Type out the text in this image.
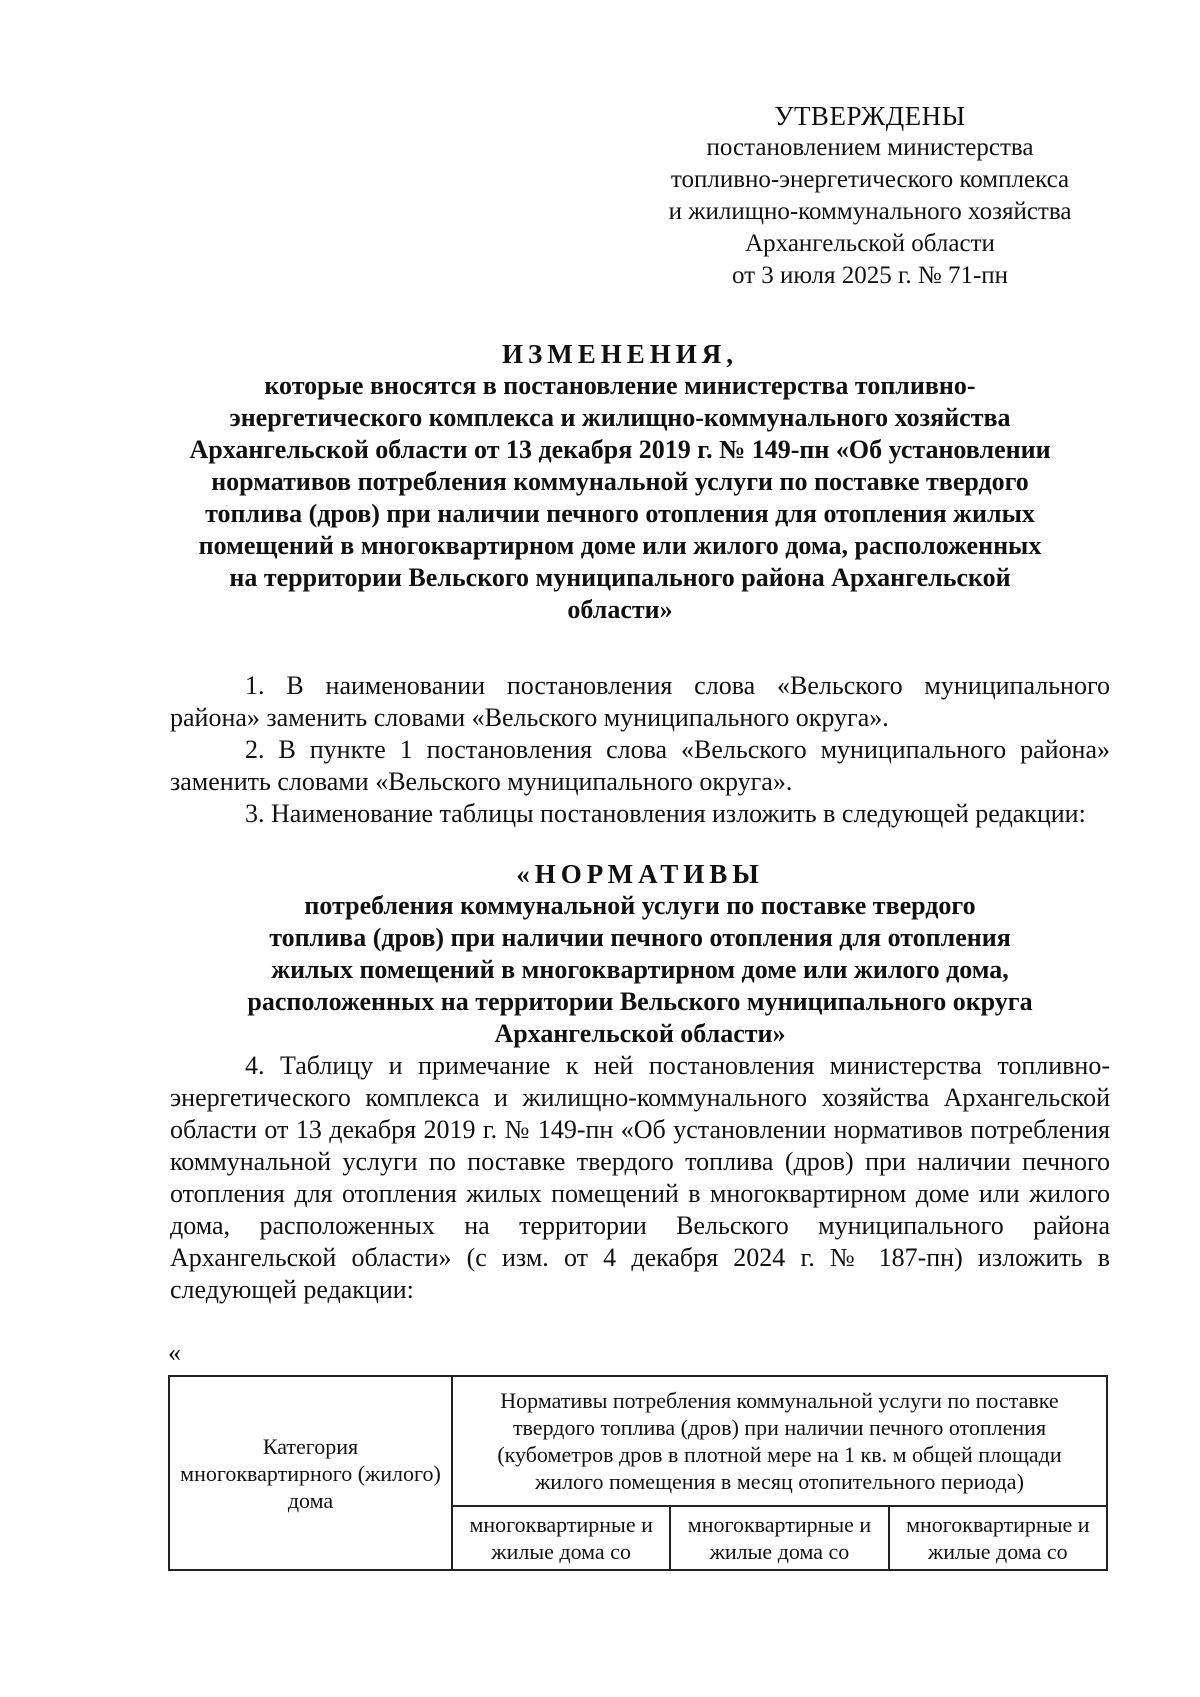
УТВЕРЖДЕНЫ
постановлением министерства
топливно-энергетического комплекса
и жилищно-коммунального хозяйства
Архангельской области
от 3 июля 2025 г. № 71-пн
ИЗМЕНЕНИЯ,
которые вносятся в постановление министерства топливно-
энергетического комплекса и жилищно-коммунального хозяйства
Архангельской области от 13 декабря 2019 г. № 149-пн «Об установлении
нормативов потребления коммунальной услуги по поставке твердого
топлива (дров) при наличии печного отопления для отопления жилых
помещений в многоквартирном доме или жилого дома, расположенных
на территории Вельского муниципального района Архангельской
области»

1. В наименовании постановления слова «Вельского муниципального района» заменить словами «Вельского муниципального округа».

2. В пункте 1 постановления слова «Вельского муниципального района» заменить словами «Вельского муниципального округа».

3. Наименование таблицы постановления изложить в следующей редакции:

«НОРМАТИВЫ
потребления коммунальной услуги по поставке твердого
топлива (дров) при наличии печного отопления для отопления
жилых помещений в многоквартирном доме или жилого дома,
расположенных на территории Вельского муниципального округа
Архангельской области»

4. Таблицу и примечание к ней постановления министерства топливно-энергетического комплекса и жилищно-коммунального хозяйства Архангельской области от 13 декабря 2019 г. № 149-пн «Об установлении нормативов потребления коммунальной услуги по поставке твердого топлива (дров) при наличии печного отопления для отопления жилых помещений в многоквартирном доме или жилого дома, расположенных на территории Вельского муниципального района Архангельской области» (с изм. от 4 декабря 2024 г. № 187-пн) изложить в следующей редакции:

«
Категория многоквартирного (жилого) дома	Нормативы потребления коммунальной услуги по поставке твердого топлива (дров) при наличии печного отопления (кубометров дров в плотной мере на 1 кв. м общей площади жилого помещения в месяц отопительного периода)		
	многоквартирные и жилые дома со	многоквартирные и жилые дома со	многоквартирные и жилые дома со
